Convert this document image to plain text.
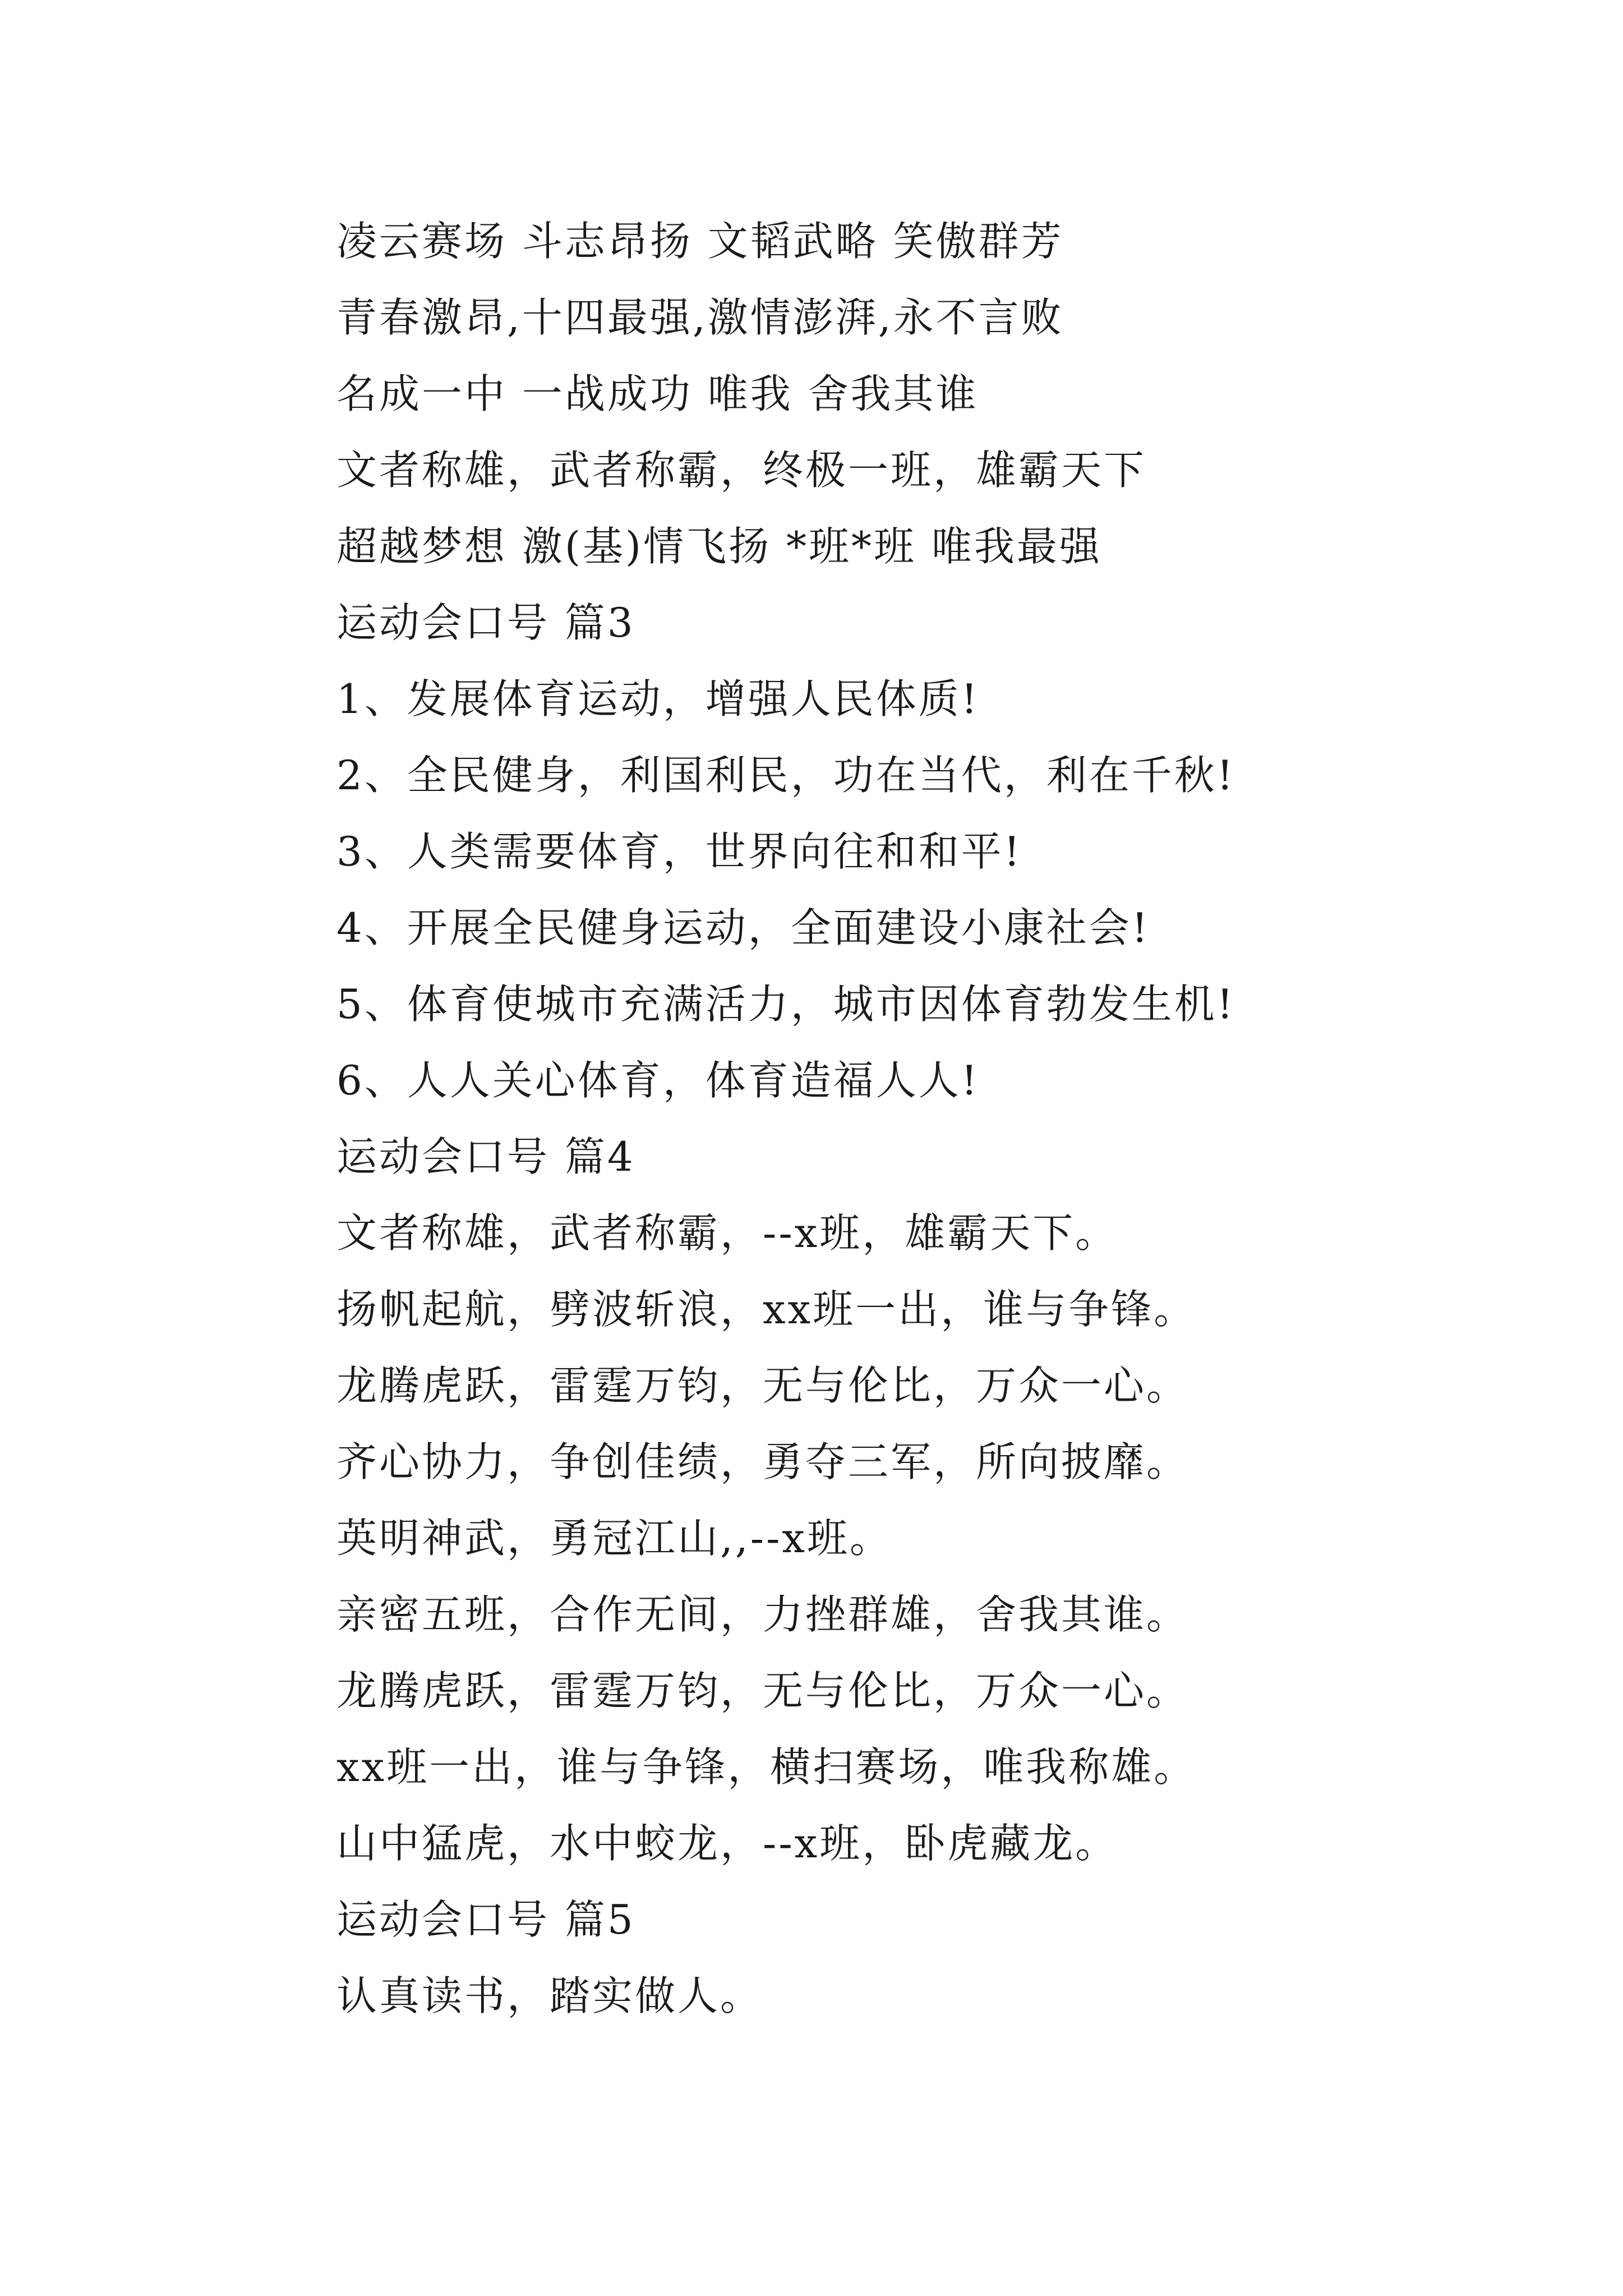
凌云赛场 斗志昂扬 文韬武略 笑傲群芳
青春激昂,十四最强,激情澎湃,永不言败
名成一中 一战成功 唯我 舍我其谁
文者称雄，武者称霸，终极一班，雄霸天下
超越梦想 激(基)情飞扬 *班*班 唯我最强
运动会口号 篇3
1、发展体育运动，增强人民体质!
2、全民健身，利国利民，功在当代，利在千秋!
3、人类需要体育，世界向往和和平!
4、开展全民健身运动，全面建设小康社会!
5、体育使城市充满活力，城市因体育勃发生机!
6、人人关心体育，体育造福人人!
运动会口号 篇4
文者称雄，武者称霸，--x班，雄霸天下。
扬帆起航，劈波斩浪，xx班一出，谁与争锋。
龙腾虎跃，雷霆万钧，无与伦比，万众一心。
齐心协力，争创佳绩，勇夺三军，所向披靡。
英明神武，勇冠江山,,--x班。
亲密五班，合作无间，力挫群雄，舍我其谁。
龙腾虎跃，雷霆万钧，无与伦比，万众一心。
xx班一出，谁与争锋，横扫赛场，唯我称雄。
山中猛虎，水中蛟龙，--x班，卧虎藏龙。
运动会口号 篇5
认真读书，踏实做人。
